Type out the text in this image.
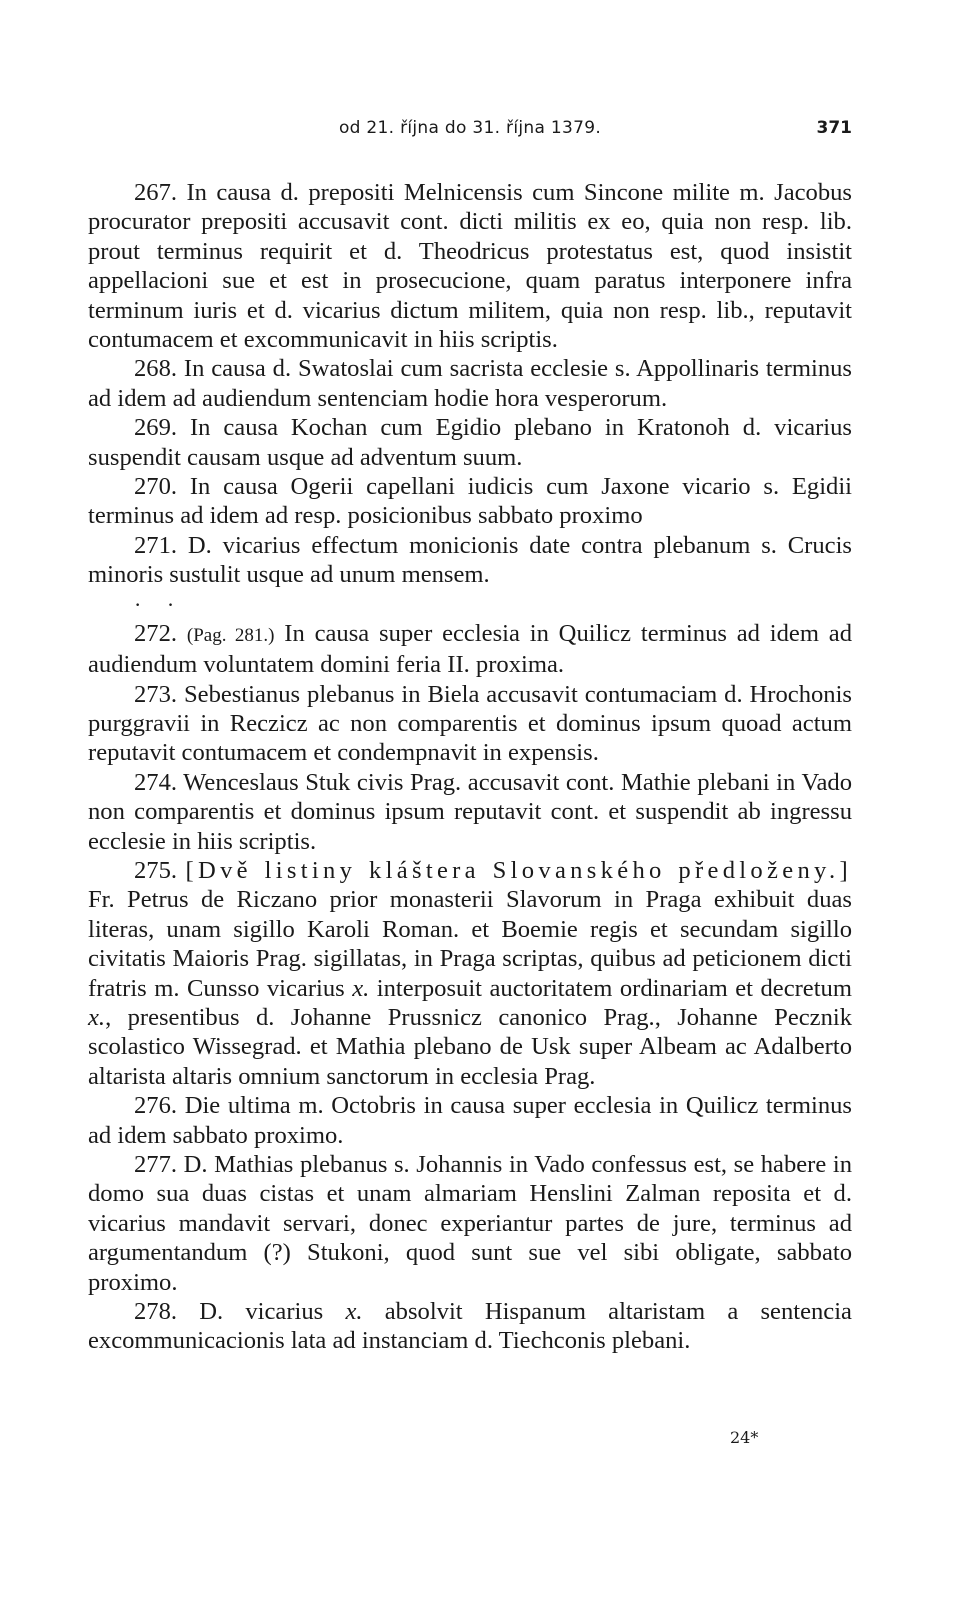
od 21. října do 31. října 1379.	371

267. In causa d. prepositi Melnicensis cum Sincone milite m. Jacobus procurator prepositi accusavit cont. dicti militis ex eo, quia non resp. lib. prout terminus requirit et d. Theodricus protestatus est, quod insistit appellacioni sue et est in prosecucione, quam paratus interponere infra terminum iuris et d. vicarius dictum militem, quia non resp. lib., reputavit contumacem et excommunicavit in hiis scriptis.

268. In causa d. Swatoslai cum sacrista ecclesie s. Appollinaris terminus ad idem ad audiendum sentenciam hodie hora vesperorum.

269. In causa Kochan cum Egidio plebano in Kratonoh d. vicarius suspendit causam usque ad adventum suum.

270. In causa Ogerii capellani iudicis cum Jaxone vicario s. Egidii terminus ad idem ad resp. posicionibus sabbato proximo

271. D. vicarius effectum monicionis date contra plebanum s. Crucis minoris sustulit usque ad unum mensem.

· ·

272. (Pag. 281.) In causa super ecclesia in Quilicz terminus ad idem ad audiendum voluntatem domini feria II. proxima.

273. Sebestianus plebanus in Biela accusavit contumaciam d. Hrochonis purggravii in Reczicz ac non comparentis et dominus ipsum quoad actum reputavit contumacem et condempnavit in expensis.

274. Wenceslaus Stuk civis Prag. accusavit cont. Mathie plebani in Vado non comparentis et dominus ipsum reputavit cont. et suspendit ab ingressu ecclesie in hiis scriptis.

275. [Dvě listiny kláštera Slovanského předloženy.] Fr. Petrus de Riczano prior monasterii Slavorum in Praga exhibuit duas literas, unam sigillo Karoli Roman. et Boemie regis et secundam sigillo civitatis Maioris Prag. sigillatas, in Praga scriptas, quibus ad peticionem dicti fratris m. Cunsso vicarius x. interposuit auctoritatem ordinariam et decretum x., presentibus d. Johanne Prussnicz canonico Prag., Johanne Pecznik scolastico Wissegrad. et Mathia plebano de Usk super Albeam ac Adalberto altarista altaris omnium sanctorum in ecclesia Prag.

276. Die ultima m. Octobris in causa super ecclesia in Quilicz terminus ad idem sabbato proximo.

277. D. Mathias plebanus s. Johannis in Vado confessus est, se habere in domo sua duas cistas et unam almariam Henslini Zalman reposita et d. vicarius mandavit servari, donec experiantur partes de jure, terminus ad argumentandum (?) Stukoni, quod sunt sue vel sibi obligate, sabbato proximo.

278. D. vicarius x. absolvit Hispanum altaristam a sentencia excommunicacionis lata ad instanciam d. Tiechconis plebani.

24*
